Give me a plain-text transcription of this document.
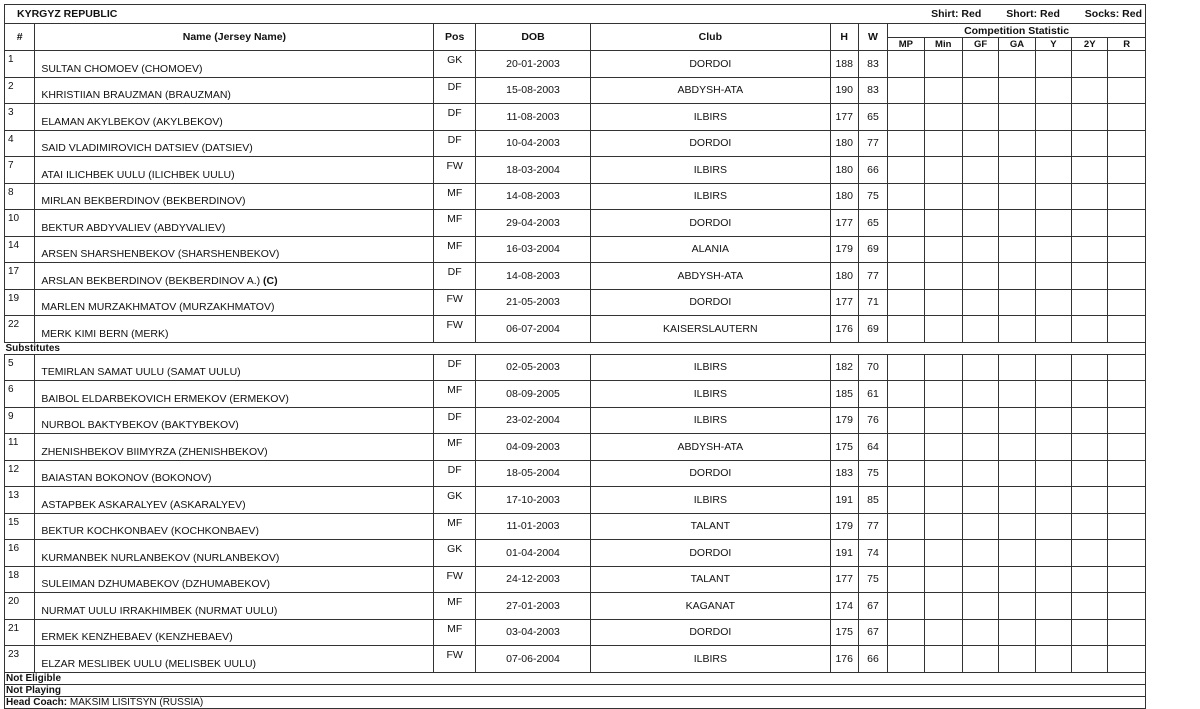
KYRGYZ REPUBLIC							Shirt: Red Short: Red Socks: Red						
#	Name (Jersey Name)	Pos	DOB	Club	H	W	Competition Statistic						
							MP	Min	GF	GA	Y	2Y	R
1	SULTAN CHOMOEV (CHOMOEV)	GK	20-01-2003	DORDOI	188	83							
2	KHRISTIIAN BRAUZMAN (BRAUZMAN)	DF	15-08-2003	ABDYSH-ATA	190	83							
3	ELAMAN AKYLBEKOV (AKYLBEKOV)	DF	11-08-2003	ILBIRS	177	65							
4	SAID VLADIMIROVICH DATSIEV (DATSIEV)	DF	10-04-2003	DORDOI	180	77							
7	ATAI ILICHBEK UULU (ILICHBEK UULU)	FW	18-03-2004	ILBIRS	180	66							
8	MIRLAN BEKBERDINOV (BEKBERDINOV)	MF	14-08-2003	ILBIRS	180	75							
10	BEKTUR ABDYVALIEV (ABDYVALIEV)	MF	29-04-2003	DORDOI	177	65							
14	ARSEN SHARSHENBEKOV (SHARSHENBEKOV)	MF	16-03-2004	ALANIA	179	69							
17	ARSLAN BEKBERDINOV (BEKBERDINOV A.) (C)	DF	14-08-2003	ABDYSH-ATA	180	77							
19	MARLEN MURZAKHMATOV (MURZAKHMATOV)	FW	21-05-2003	DORDOI	177	71							
22	MERK KIMI BERN (MERK)	FW	06-07-2004	KAISERSLAUTERN	176	69							
Substitutes													
5	TEMIRLAN SAMAT UULU (SAMAT UULU)	DF	02-05-2003	ILBIRS	182	70							
6	BAIBOL ELDARBEKOVICH ERMEKOV (ERMEKOV)	MF	08-09-2005	ILBIRS	185	61							
9	NURBOL BAKTYBEKOV (BAKTYBEKOV)	DF	23-02-2004	ILBIRS	179	76							
11	ZHENISHBEKOV BIIMYRZA (ZHENISHBEKOV)	MF	04-09-2003	ABDYSH-ATA	175	64							
12	BAIASTAN BOKONOV (BOKONOV)	DF	18-05-2004	DORDOI	183	75							
13	ASTAPBEK ASKARALYEV (ASKARALYEV)	GK	17-10-2003	ILBIRS	191	85							
15	BEKTUR KOCHKONBAEV (KOCHKONBAEV)	MF	11-01-2003	TALANT	179	77							
16	KURMANBEK NURLANBEKOV (NURLANBEKOV)	GK	01-04-2004	DORDOI	191	74							
18	SULEIMAN DZHUMABEKOV (DZHUMABEKOV)	FW	24-12-2003	TALANT	177	75							
20	NURMAT UULU IRRAKHIMBEK (NURMAT UULU)	MF	27-01-2003	KAGANAT	174	67							
21	ERMEK KENZHEBAEV (KENZHEBAEV)	MF	03-04-2003	DORDOI	175	67							
23	ELZAR MESLIBEK UULU (MELISBEK UULU)	FW	07-06-2004	ILBIRS	176	66							
Not Eligible													
Not Playing													
Head Coach: MAKSIM LISITSYN (RUSSIA)													
